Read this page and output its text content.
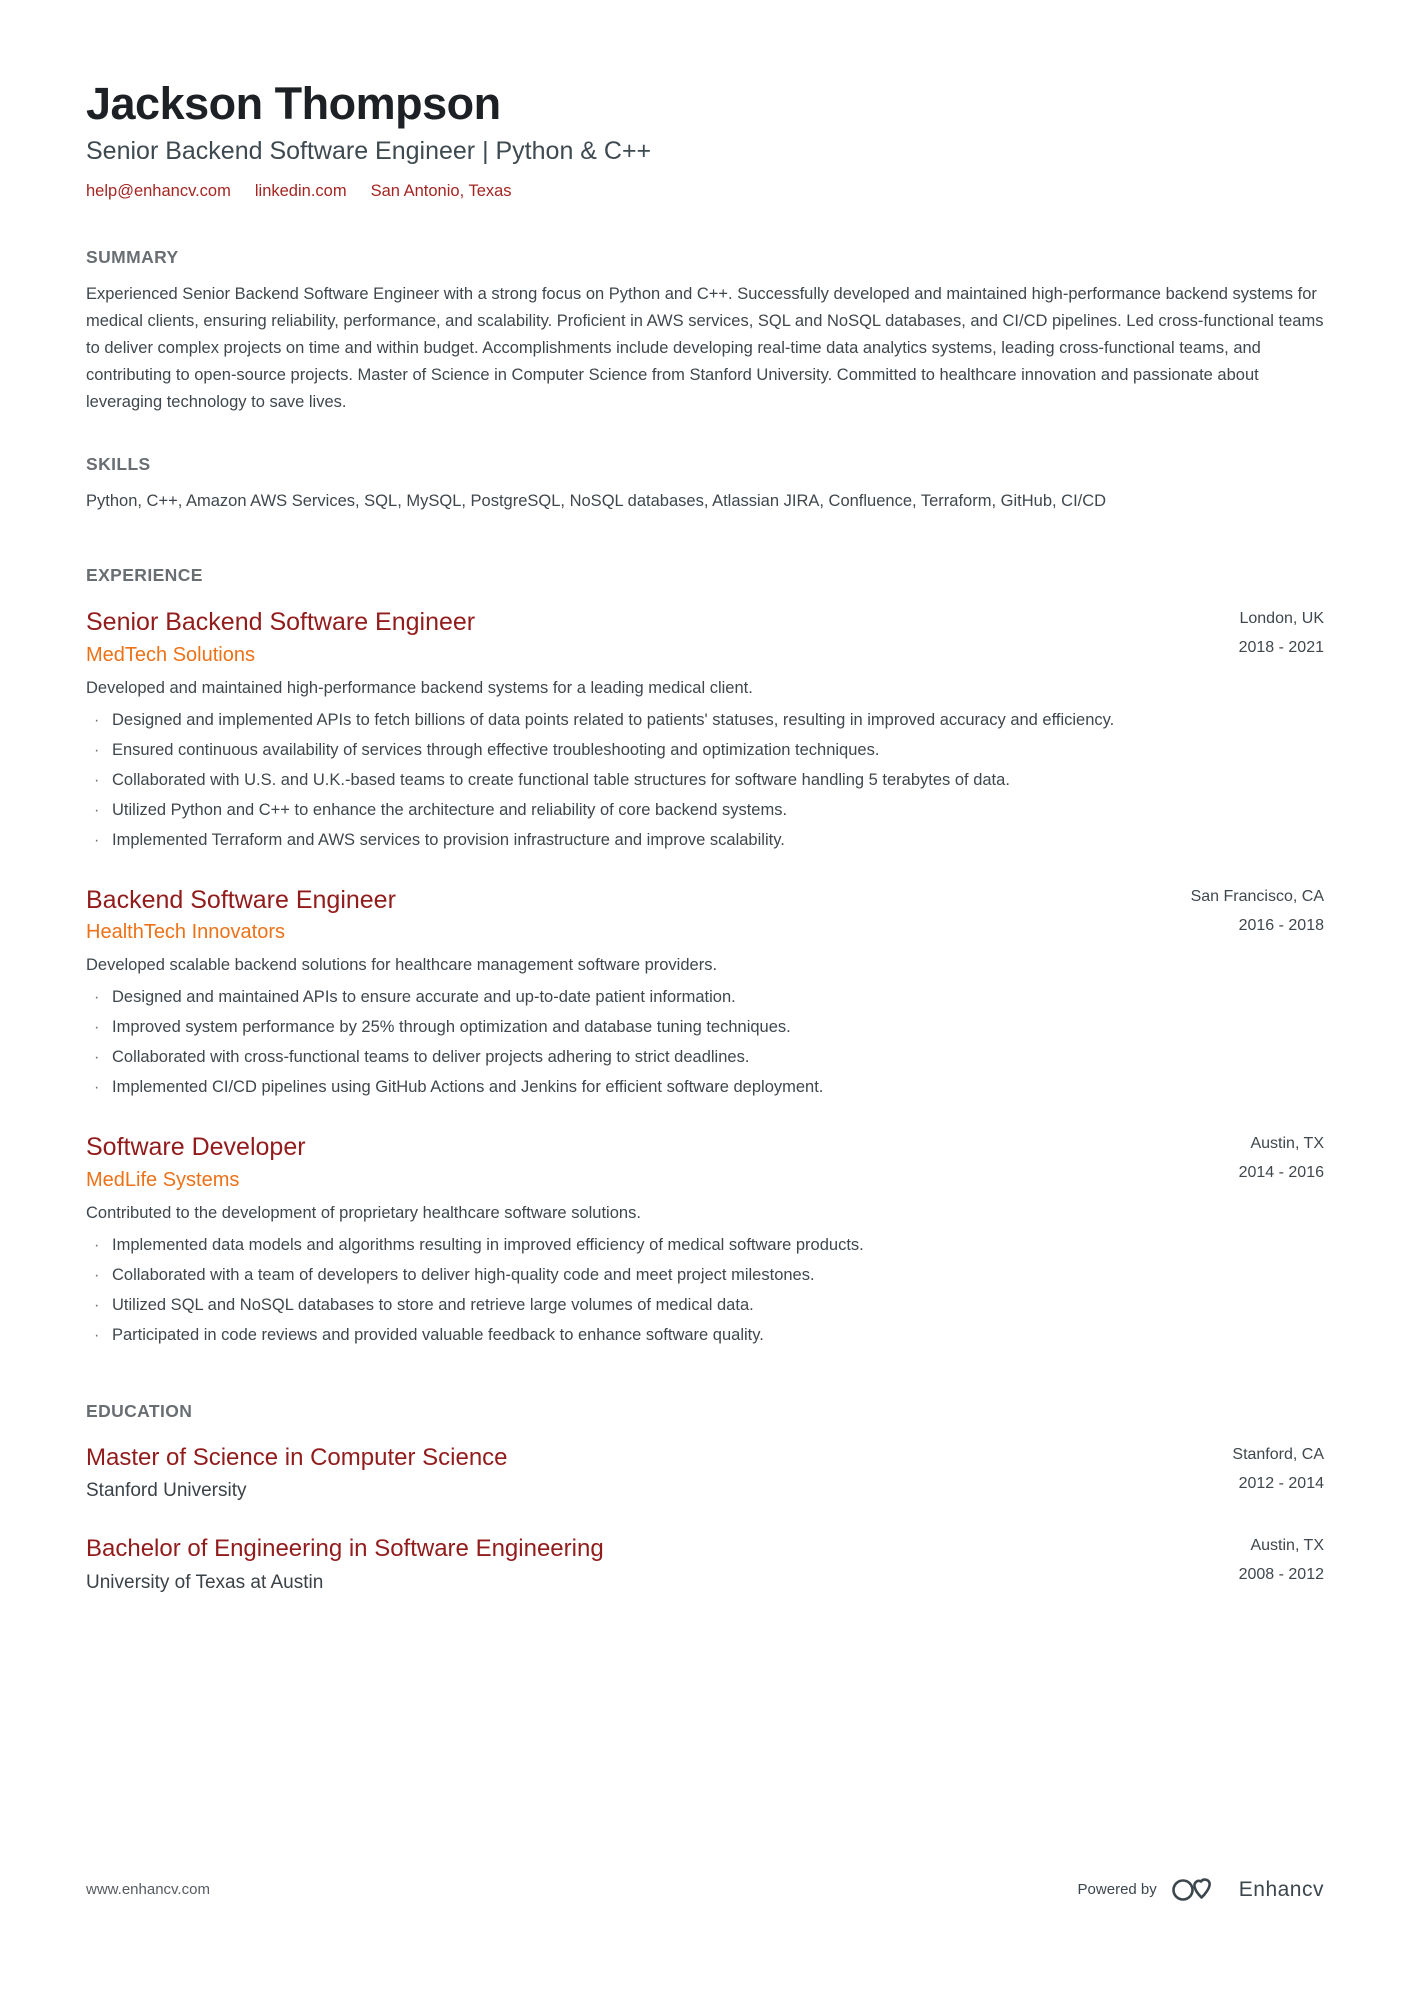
Jackson Thompson
Senior Backend Software Engineer | Python & C++
help@enhancv.com linkedin.com San Antonio, Texas
SUMMARY

Experienced Senior Backend Software Engineer with a strong focus on Python and C++. Successfully developed and maintained high-performance backend systems for medical clients, ensuring reliability, performance, and scalability. Proficient in AWS services, SQL and NoSQL databases, and CI/CD pipelines. Led cross-functional teams to deliver complex projects on time and within budget. Accomplishments include developing real-time data analytics systems, leading cross-functional teams, and contributing to open-source projects. Master of Science in Computer Science from Stanford University. Committed to healthcare innovation and passionate about leveraging technology to save lives.

SKILLS

Python, C++, Amazon AWS Services, SQL, MySQL, PostgreSQL, NoSQL databases, Atlassian JIRA, Confluence, Terraform, GitHub, CI/CD

EXPERIENCE
Senior Backend Software Engineer
MedTech Solutions
London, UK
2018 - 2021

Developed and maintained high-performance backend systems for a leading medical client.

·
Designed and implemented APIs to fetch billions of data points related to patients' statuses, resulting in improved accuracy and efficiency.
·
Ensured continuous availability of services through effective troubleshooting and optimization techniques.
·
Collaborated with U.S. and U.K.-based teams to create functional table structures for software handling 5 terabytes of data.
·
Utilized Python and C++ to enhance the architecture and reliability of core backend systems.
·
Implemented Terraform and AWS services to provision infrastructure and improve scalability.
Backend Software Engineer
HealthTech Innovators
San Francisco, CA
2016 - 2018

Developed scalable backend solutions for healthcare management software providers.

·
Designed and maintained APIs to ensure accurate and up-to-date patient information.
·
Improved system performance by 25% through optimization and database tuning techniques.
·
Collaborated with cross-functional teams to deliver projects adhering to strict deadlines.
·
Implemented CI/CD pipelines using GitHub Actions and Jenkins for efficient software deployment.
Software Developer
MedLife Systems
Austin, TX
2014 - 2016

Contributed to the development of proprietary healthcare software solutions.

·
Implemented data models and algorithms resulting in improved efficiency of medical software products.
·
Collaborated with a team of developers to deliver high-quality code and meet project milestones.
·
Utilized SQL and NoSQL databases to store and retrieve large volumes of medical data.
·
Participated in code reviews and provided valuable feedback to enhance software quality.
EDUCATION
Master of Science in Computer Science
Stanford University
Stanford, CA
2012 - 2014
Bachelor of Engineering in Software Engineering
University of Texas at Austin
Austin, TX
2008 - 2012
www.enhancv.com	Powered by	Enhancv
